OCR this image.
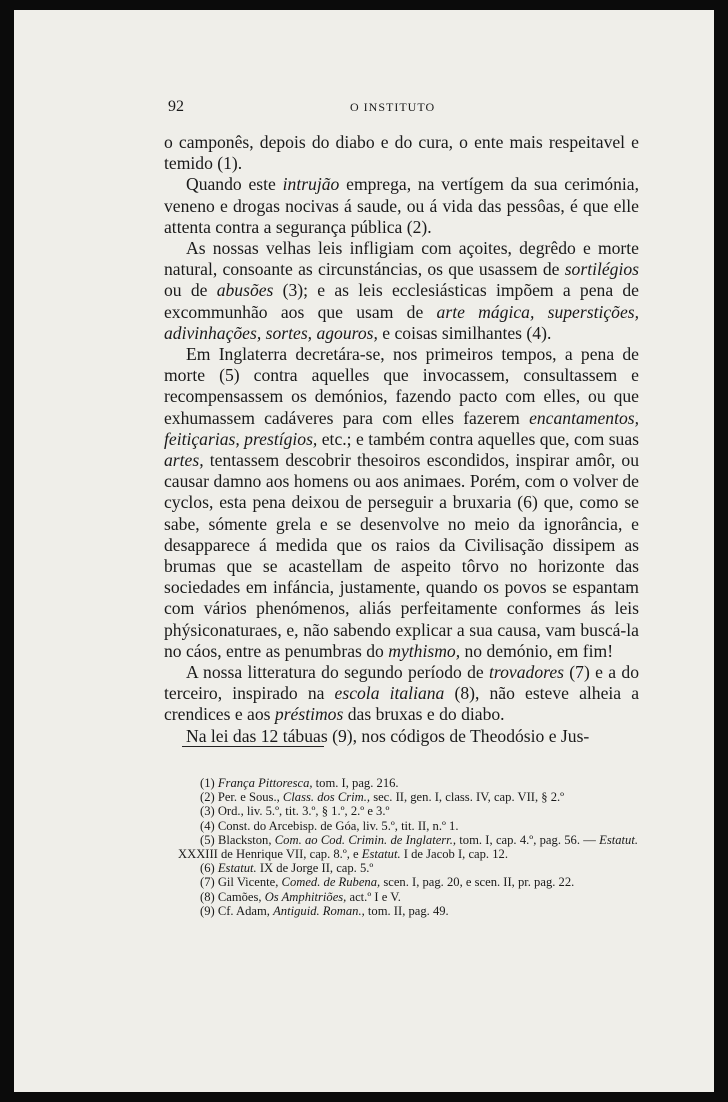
92	O INSTITUTO

o camponês, depois do diabo e do cura, o ente mais respeitavel e temido (1).

Quando este intrujão emprega, na vertígem da sua cerimónia, veneno e drogas nocivas á saude, ou á vida das pessôas, é que elle attenta contra a segurança pública (2).

As nossas velhas leis infligiam com açoites, degrêdo e morte natural, consoante as circunstáncias, os que usassem de sortilégios ou de abusões (3); e as leis ecclesiásticas impõem a pena de excommunhão aos que usam de arte mágica, superstições, adivinhações, sortes, agouros, e coisas similhantes (4).

Em Inglaterra decretára-se, nos primeiros tempos, a pena de morte (5) contra aquelles que invocassem, consultassem e recompensassem os demónios, fazendo pacto com elles, ou que exhumassem cadáveres para com elles fazerem encantamentos, feitiçarias, prestígios, etc.; e também contra aquelles que, com suas artes, tentassem descobrir thesoiros escondidos, inspirar amôr, ou causar damno aos homens ou aos animaes. Porém, com o volver de cyclos, esta pena deixou de perseguir a bruxaria (6) que, como se sabe, sómente grela e se desenvolve no meio da ignorância, e desapparece á medida que os raios da Civilisação dissipem as brumas que se acastellam de aspeito tôrvo no horizonte das sociedades em infáncia, justamente, quando os povos se espantam com vários phenómenos, aliás perfeitamente conformes ás leis phýsiconaturaes, e, não sabendo explicar a sua causa, vam buscá-la no cáos, entre as penumbras do mythismo, no demónio, em fim!

A nossa litteratura do segundo período de trovadores (7) e a do terceiro, inspirado na escola italiana (8), não esteve alheia a crendices e aos préstimos das bruxas e do diabo.

Na lei das 12 tábuas (9), nos códigos de Theodósio e Jus-

(1) França Pittoresca, tom. I, pag. 216.
(2) Per. e Sous., Class. dos Crim., sec. II, gen. I, class. IV, cap. VII, § 2.º
(3) Ord., liv. 5.º, tit. 3.º, § 1.º, 2.º e 3.º
(4) Const. do Arcebisp. de Góa, liv. 5.º, tit. II, n.º 1.
(5) Blackston, Com. ao Cod. Crimin. de Inglaterr., tom. I, cap. 4.º, pag. 56. — Estatut. XXXIII de Henrique VII, cap. 8.º, e Estatut. I de Jacob I, cap. 12.
(6) Estatut. IX de Jorge II, cap. 5.º
(7) Gil Vicente, Comed. de Rubena, scen. I, pag. 20, e scen. II, pr. pag. 22.
(8) Camões, Os Amphitriões, act.º I e V.
(9) Cf. Adam, Antiguid. Roman., tom. II, pag. 49.
